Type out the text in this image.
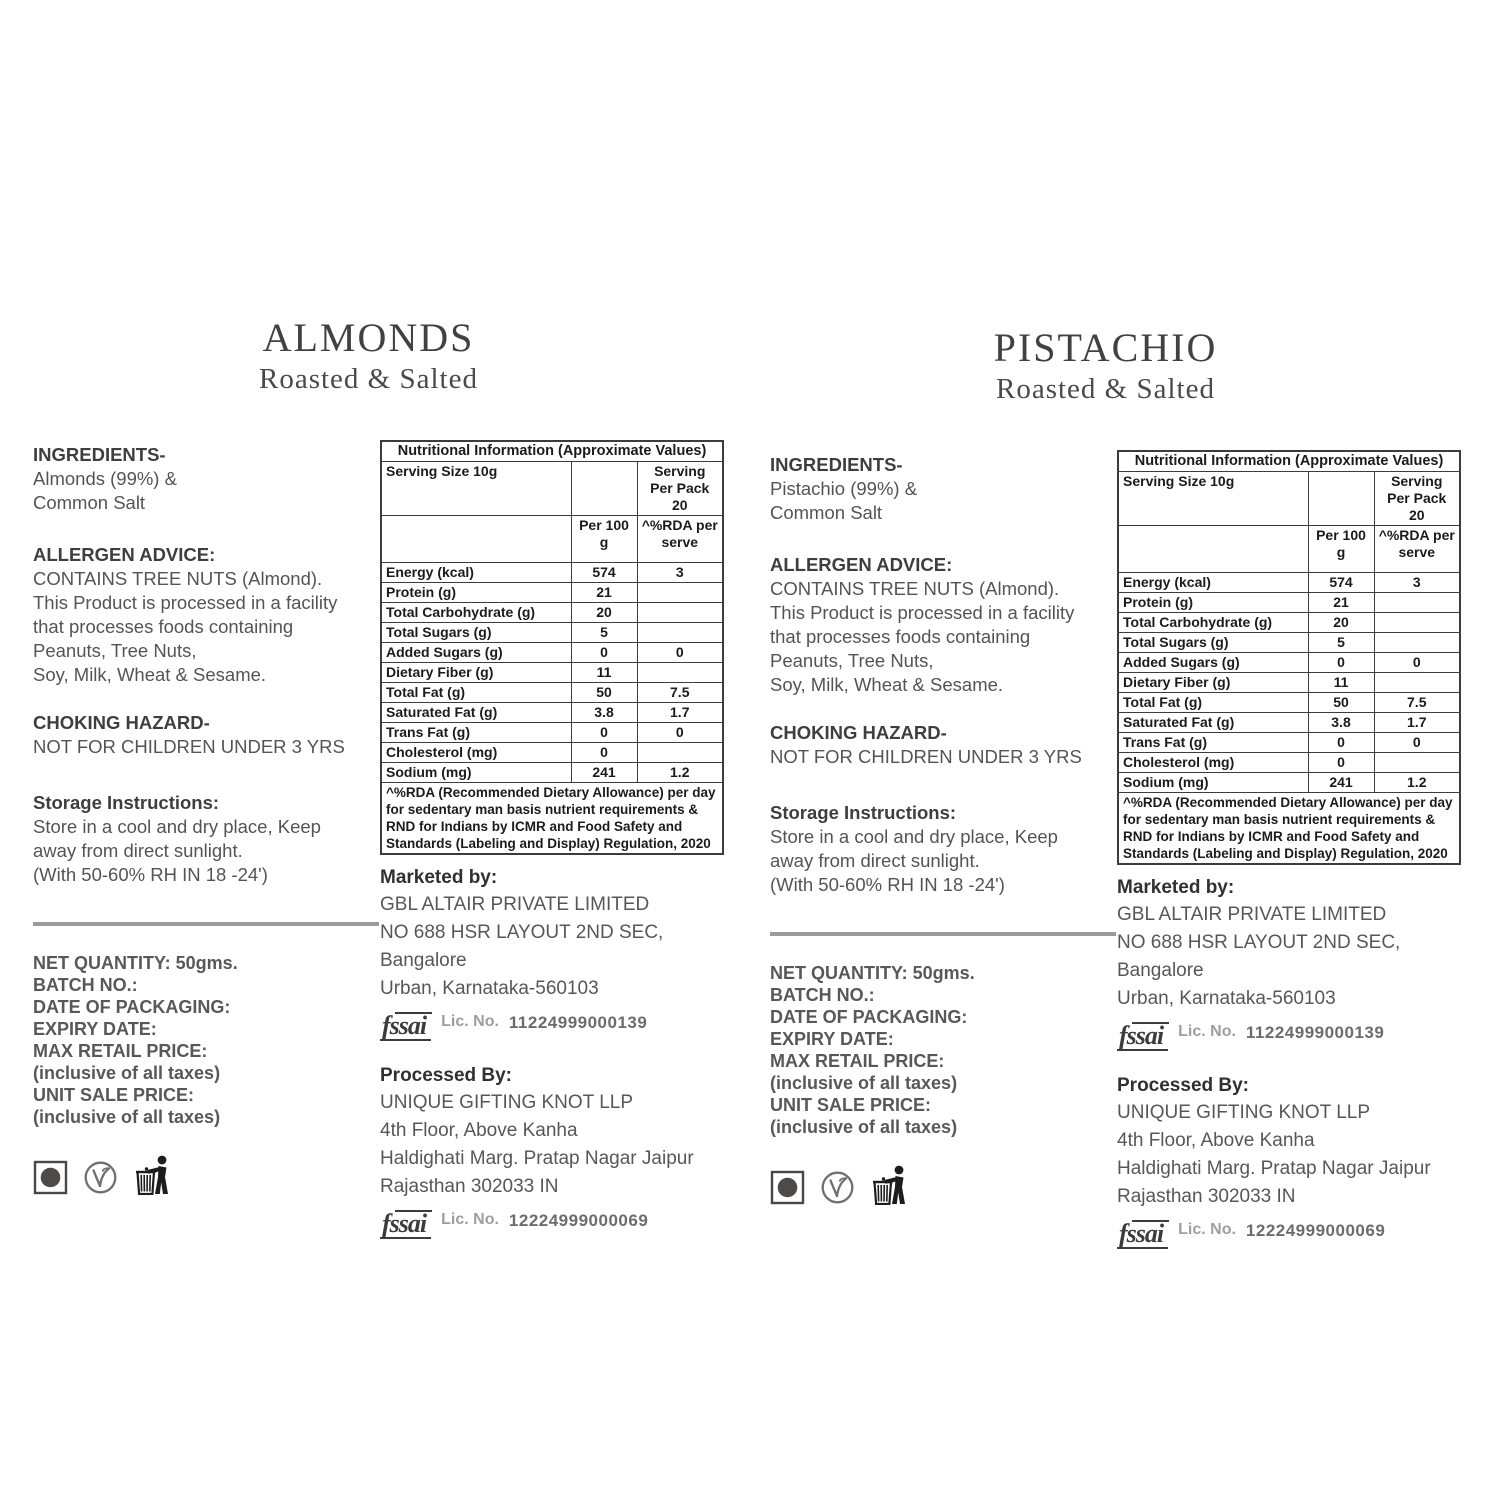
ALMONDS
Roasted & Salted
INGREDIENTS-
Almonds (99%) &
Common Salt
ALLERGEN ADVICE:
CONTAINS TREE NUTS (Almond).
This Product is processed in a facility
that processes foods containing
Peanuts, Tree Nuts,
Soy, Milk, Wheat & Sesame.
CHOKING HAZARD-
NOT FOR CHILDREN UNDER 3 YRS
Storage Instructions:
Store in a cool and dry place, Keep
away from direct sunlight.
(With 50-60% RH IN 18 -24')
NET QUANTITY: 50gms.
BATCH NO.:
DATE OF PACKAGING:
EXPIRY DATE:
MAX RETAIL PRICE:
(inclusive of all taxes)
UNIT SALE PRICE:
(inclusive of all taxes)
Nutritional Information (Approximate Values)		
Serving Size 10g		Serving Per Pack 20
	Per 100 g	^%RDA per serve
Energy (kcal)	574	3
Protein (g)	21	
Total Carbohydrate (g)	20	
Total Sugars (g)	5	
Added Sugars (g)	0	0
Dietary Fiber (g)	11	
Total Fat (g)	50	7.5
Saturated Fat (g)	3.8	1.7
Trans Fat (g)	0	0
Cholesterol (mg)	0	
Sodium (mg)	241	1.2

^%RDA (Recommended Dietary Allowance) per day
for sedentary man basis nutrient requirements &
RND for Indians by ICMR and Food Safety and
Standards (Labeling and Display) Regulation, 2020		
Marketed by:
GBL ALTAIR PRIVATE LIMITED
NO 688 HSR LAYOUT 2ND SEC,
Bangalore
Urban, Karnataka-560103
fssai Lic. No. 11224999000139
Processed By:
UNIQUE GIFTING KNOT LLP
4th Floor, Above Kanha
Haldighati Marg. Pratap Nagar Jaipur
Rajasthan 302033 IN
fssai Lic. No. 12224999000069
PISTACHIO
Roasted & Salted
INGREDIENTS-
Pistachio (99%) &
Common Salt
ALLERGEN ADVICE:
CONTAINS TREE NUTS (Almond).
This Product is processed in a facility
that processes foods containing
Peanuts, Tree Nuts,
Soy, Milk, Wheat & Sesame.
CHOKING HAZARD-
NOT FOR CHILDREN UNDER 3 YRS
Storage Instructions:
Store in a cool and dry place, Keep
away from direct sunlight.
(With 50-60% RH IN 18 -24')
NET QUANTITY: 50gms.
BATCH NO.:
DATE OF PACKAGING:
EXPIRY DATE:
MAX RETAIL PRICE:
(inclusive of all taxes)
UNIT SALE PRICE:
(inclusive of all taxes)
Nutritional Information (Approximate Values)		
Serving Size 10g		Serving Per Pack 20
	Per 100 g	^%RDA per serve
Energy (kcal)	574	3
Protein (g)	21	
Total Carbohydrate (g)	20	
Total Sugars (g)	5	
Added Sugars (g)	0	0
Dietary Fiber (g)	11	
Total Fat (g)	50	7.5
Saturated Fat (g)	3.8	1.7
Trans Fat (g)	0	0
Cholesterol (mg)	0	
Sodium (mg)	241	1.2

^%RDA (Recommended Dietary Allowance) per day
for sedentary man basis nutrient requirements &
RND for Indians by ICMR and Food Safety and
Standards (Labeling and Display) Regulation, 2020		
Marketed by:
GBL ALTAIR PRIVATE LIMITED
NO 688 HSR LAYOUT 2ND SEC,
Bangalore
Urban, Karnataka-560103
fssai Lic. No. 11224999000139
Processed By:
UNIQUE GIFTING KNOT LLP
4th Floor, Above Kanha
Haldighati Marg. Pratap Nagar Jaipur
Rajasthan 302033 IN
fssai Lic. No. 12224999000069
